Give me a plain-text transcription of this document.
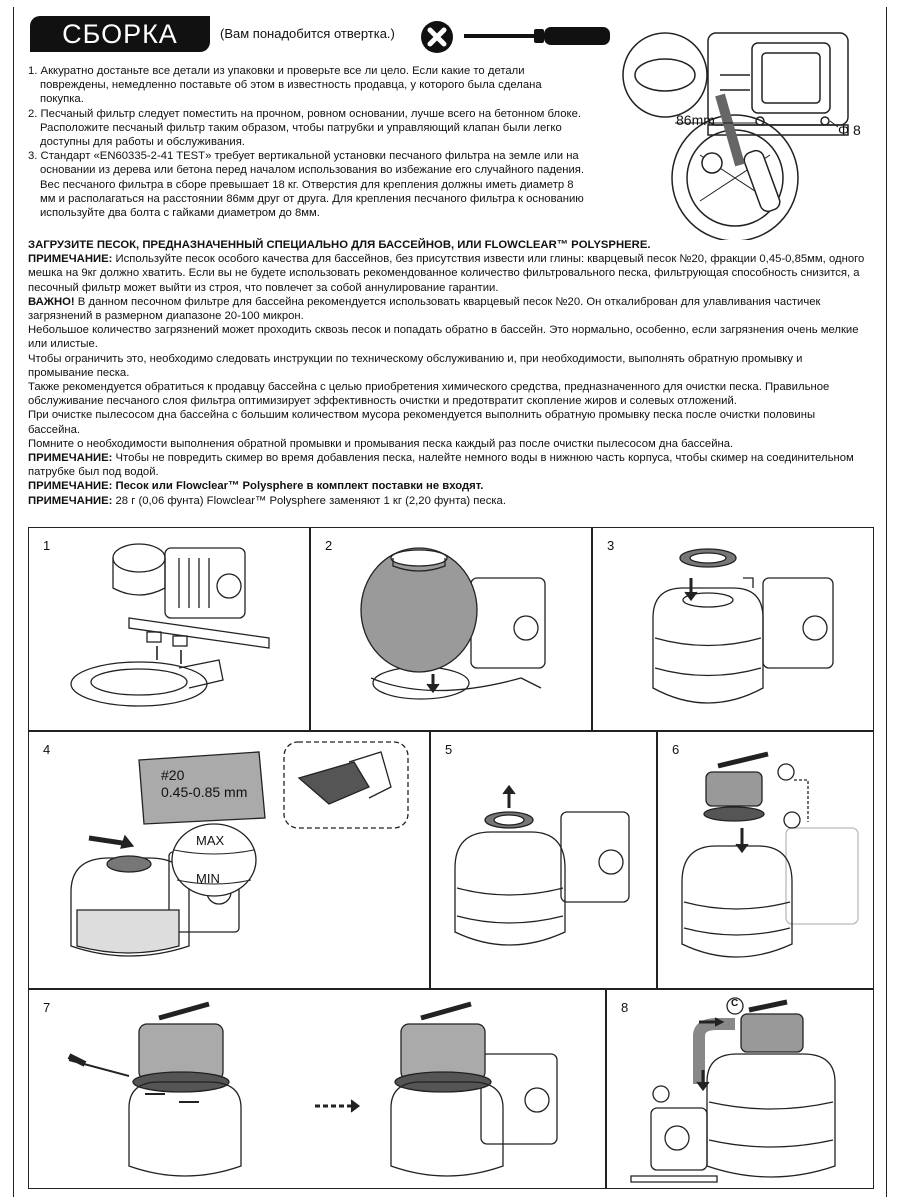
СБОРКА	(Вам понадобится отвертка.)
86mm
Φ 8
1. Аккуратно достаньте все детали из упаковки и проверьте все ли цело. Если какие то детали повреждены, немедленно поставьте об этом в известность продавца, у которого была сделана покупка.
2. Песчаный фильтр следует поместить на прочном, ровном основании, лучше всего на бетонном блоке. Расположите песчаный фильтр таким образом, чтобы патрубки и управляющий клапан были легко доступны для работы и обслуживания.
3. Стандарт «EN60335-2-41 TEST» требует вертикальной установки песчаного фильтра на земле или на основании из дерева или бетона перед началом использования во избежание его случайного падения. Вес песчаного фильтра в сборе превышает 18 кг. Отверстия для крепления должны иметь диаметр 8 мм и располагаться на расстоянии 86мм друг от друга. Для крепления песчаного фильтра к основанию используйте два болта с гайками диаметром до 8мм.

ЗАГРУЗИТЕ ПЕСОК, ПРЕДНАЗНАЧЕННЫЙ СПЕЦИАЛЬНО ДЛЯ БАССЕЙНОВ, ИЛИ FLOWCLEAR™ POLYSPHERE.

ПРИМЕЧАНИЕ: Используйте песок особого качества для бассейнов, без присутствия извести или глины: кварцевый песок №20, фракции 0,45-0,85мм, одного мешка на 9кг должно хватить. Если вы не будете использовать рекомендованное количество фильтровального песка, фильтрующая способность снизится, а песочный фильтр может выйти из строя, что повлечет за собой аннулирование гарантии.

ВАЖНО! В данном песочном фильтре для бассейна рекомендуется использовать кварцевый песок №20. Он откалиброван для улавливания частичек загрязнений в размерном диапазоне 20-100 микрон.

Небольшое количество загрязнений может проходить сквозь песок и попадать обратно в бассейн. Это нормально, особенно, если загрязнения очень мелкие или илистые.

Чтобы ограничить это, необходимо следовать инструкции по техническому обслуживанию и, при необходимости, выполнять обратную промывку и промывание песка.

Также рекомендуется обратиться к продавцу бассейна с целью приобретения химического средства, предназначенного для очистки песка. Правильное обслуживание песчаного слоя фильтра оптимизирует эффективность очистки и предотвратит скопление жиров и солевых отложений.

При очистке пылесосом дна бассейна с большим количеством мусора рекомендуется выполнить обратную промывку песка после очистки половины бассейна.

Помните о необходимости выполнения обратной промывки и промывания песка каждый раз после очистки пылесосом дна бассейна.

ПРИМЕЧАНИЕ: Чтобы не повредить скимер во время добавления песка, налейте немного воды в нижнюю часть корпуса, чтобы скимер на соединительном патрубке был под водой.

ПРИМЕЧАНИЕ: Песок или Flowclear™ Polysphere в комплект поставки не входят.

ПРИМЕЧАНИЕ: 28 г (0,06 фунта) Flowclear™ Polysphere заменяют 1 кг (2,20 фунта) песка.

1	2	3
4
#20
0.45-0.85 mm
MAX
MIN
5	6
7	8	C
